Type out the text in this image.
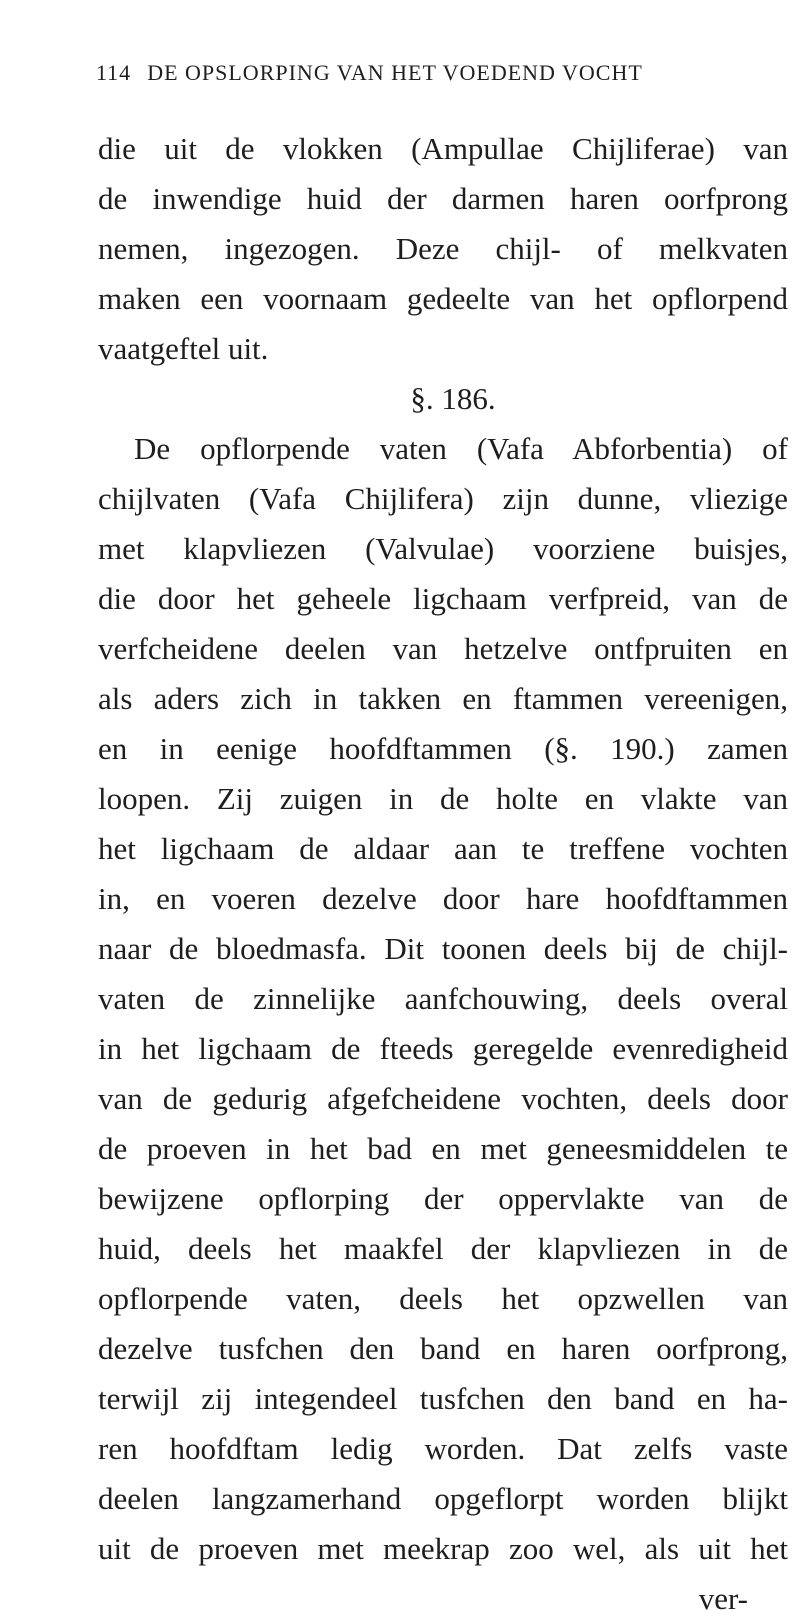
114 DE OPSLORPING VAN HET VOEDEND VOCHT
die uit de vlokken (Ampullae Chijliferae) van
de inwendige huid der darmen haren oorfprong
nemen, ingezogen. Deze chijl- of melkvaten
maken een voornaam gedeelte van het opflorpend
vaatgeftel uit.
§. 186.
De opflorpende vaten (Vafa Abforbentia) of
chijlvaten (Vafa Chijlifera) zijn dunne, vliezige
met klapvliezen (Valvulae) voorziene buisjes,
die door het geheele ligchaam verfpreid, van de
verfcheidene deelen van hetzelve ontfpruiten en
als aders zich in takken en ftammen vereenigen,
en in eenige hoofdftammen (§. 190.) zamen
loopen. Zij zuigen in de holte en vlakte van
het ligchaam de aldaar aan te treffene vochten
in, en voeren dezelve door hare hoofdftammen
naar de bloedmasfa. Dit toonen deels bij de chijl-
vaten de zinnelijke aanfchouwing, deels overal
in het ligchaam de fteeds geregelde evenredigheid
van de gedurig afgefcheidene vochten, deels door
de proeven in het bad en met geneesmiddelen te
bewijzene opflorping der oppervlakte van de
huid, deels het maakfel der klapvliezen in de
opflorpende vaten, deels het opzwellen van
dezelve tusfchen den band en haren oorfprong,
terwijl zij integendeel tusfchen den band en ha-
ren hoofdftam ledig worden. Dat zelfs vaste
deelen langzamerhand opgeflorpt worden blijkt
uit de proeven met meekrap zoo wel, als uit het
ver-
